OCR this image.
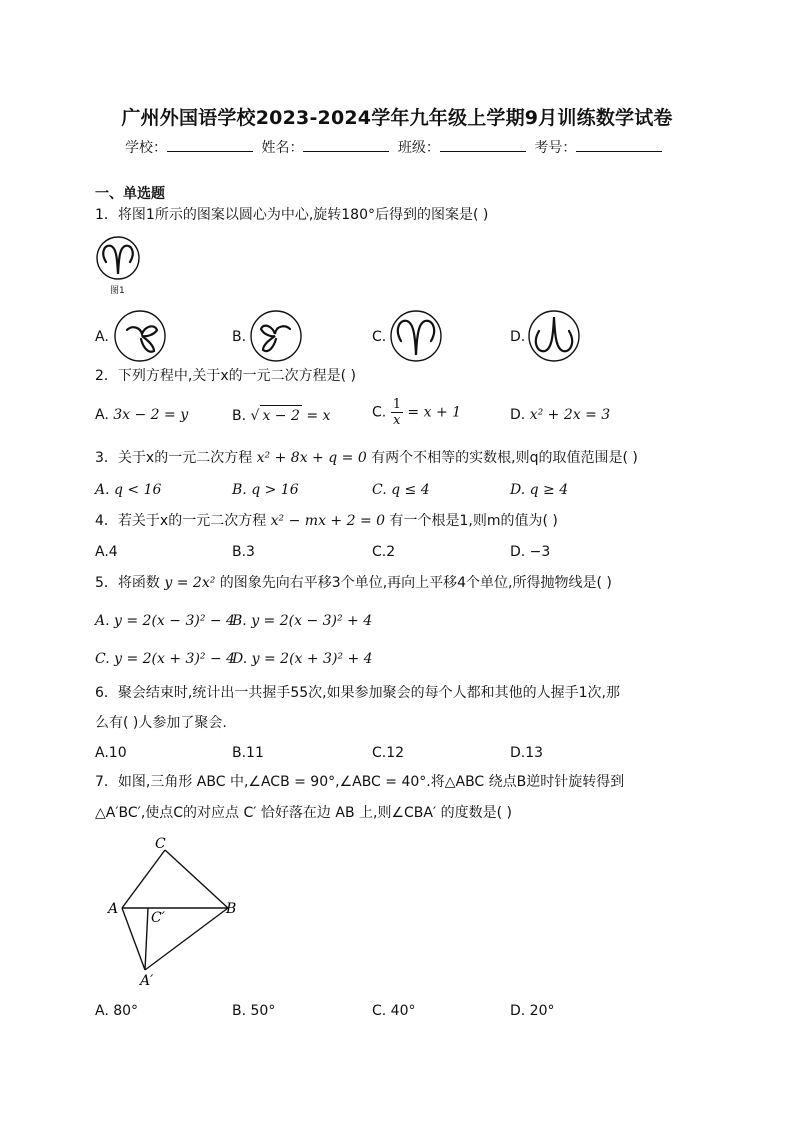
广州外国语学校2023-2024学年九年级上学期9月训练数学试卷
学校：	姓名：	班级：	考号：
一、单选题
1．将图1所示的图案以圆心为中心,旋转180°后得到的图案是( )
图1
A.	B.	C.	D.
2．下列方程中,关于x的一元二次方程是( )
A. 3x − 2 = y	B. √ x − 2 = x	C. $\frac{1}{x} = x + 1$	D. x² + 2x = 3
3．关于x的一元二次方程 x² + 8x + q = 0 有两个不相等的实数根,则q的取值范围是( )
A. q < 16	B. q > 16	C. q ≤ 4	D. q ≥ 4
4．若关于x的一元二次方程 x² − mx + 2 = 0 有一个根是1,则m的值为( )
A.4	B.3	C.2	D. −3
5．将函数 y = 2x² 的图象先向右平移3个单位,再向上平移4个单位,所得抛物线是( )
A. y = 2(x − 3)² − 4
B. y = 2(x − 3)² + 4
C. y = 2(x + 3)² − 4
D. y = 2(x + 3)² + 4
6．聚会结束时,统计出一共握手55次,如果参加聚会的每个人都和其他的人握手1次,那
么有( )人参加了聚会.
A.10	B.11	C.12	D.13
7．如图,三角形 ABC 中,∠ACB = 90°,∠ABC = 40°.将△ABC 绕点B逆时针旋转得到
△A′BC′,使点C的对应点 C′ 恰好落在边 AB 上,则∠CBA′ 的度数是( )
C
A
C′
B
A′
A. 80°	B. 50°	C. 40°	D. 20°
